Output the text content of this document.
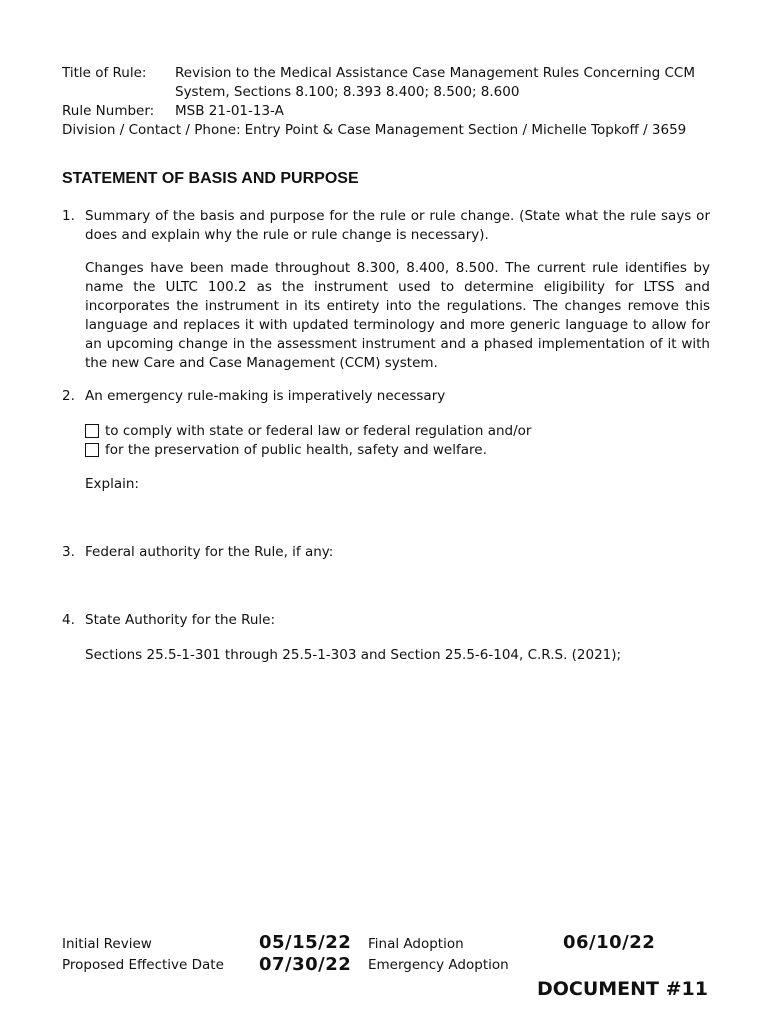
Title of Rule:	Revision to the Medical Assistance Case Management Rules Concerning CCM
System, Sections 8.100; 8.393 8.400; 8.500; 8.600
Rule Number:	MSB 21-01-13-A
Division / Contact / Phone: Entry Point & Case Management Section / Michelle Topkoff / 3659
STATEMENT OF BASIS AND PURPOSE
1. Summary of the basis and purpose for the rule or rule change. (State what the rule says or does and explain why the rule or rule change is necessary).
Changes have been made throughout 8.300, 8.400, 8.500. The current rule identifies by name the ULTC 100.2 as the instrument used to determine eligibility for LTSS and incorporates the instrument in its entirety into the regulations. The changes remove this language and replaces it with updated terminology and more generic language to allow for an upcoming change in the assessment instrument and a phased implementation of it with the new Care and Case Management (CCM) system.
2. An emergency rule-making is imperatively necessary
to comply with state or federal law or federal regulation and/or
for the preservation of public health, safety and welfare.
Explain:
3. Federal authority for the Rule, if any:
4. State Authority for the Rule:
Sections 25.5-1-301 through 25.5-1-303 and Section 25.5-6-104, C.R.S. (2021);
Initial Review	05/15/22 Final Adoption	06/10/22
Proposed Effective Date 07/30/22 Emergency Adoption
DOCUMENT #11
